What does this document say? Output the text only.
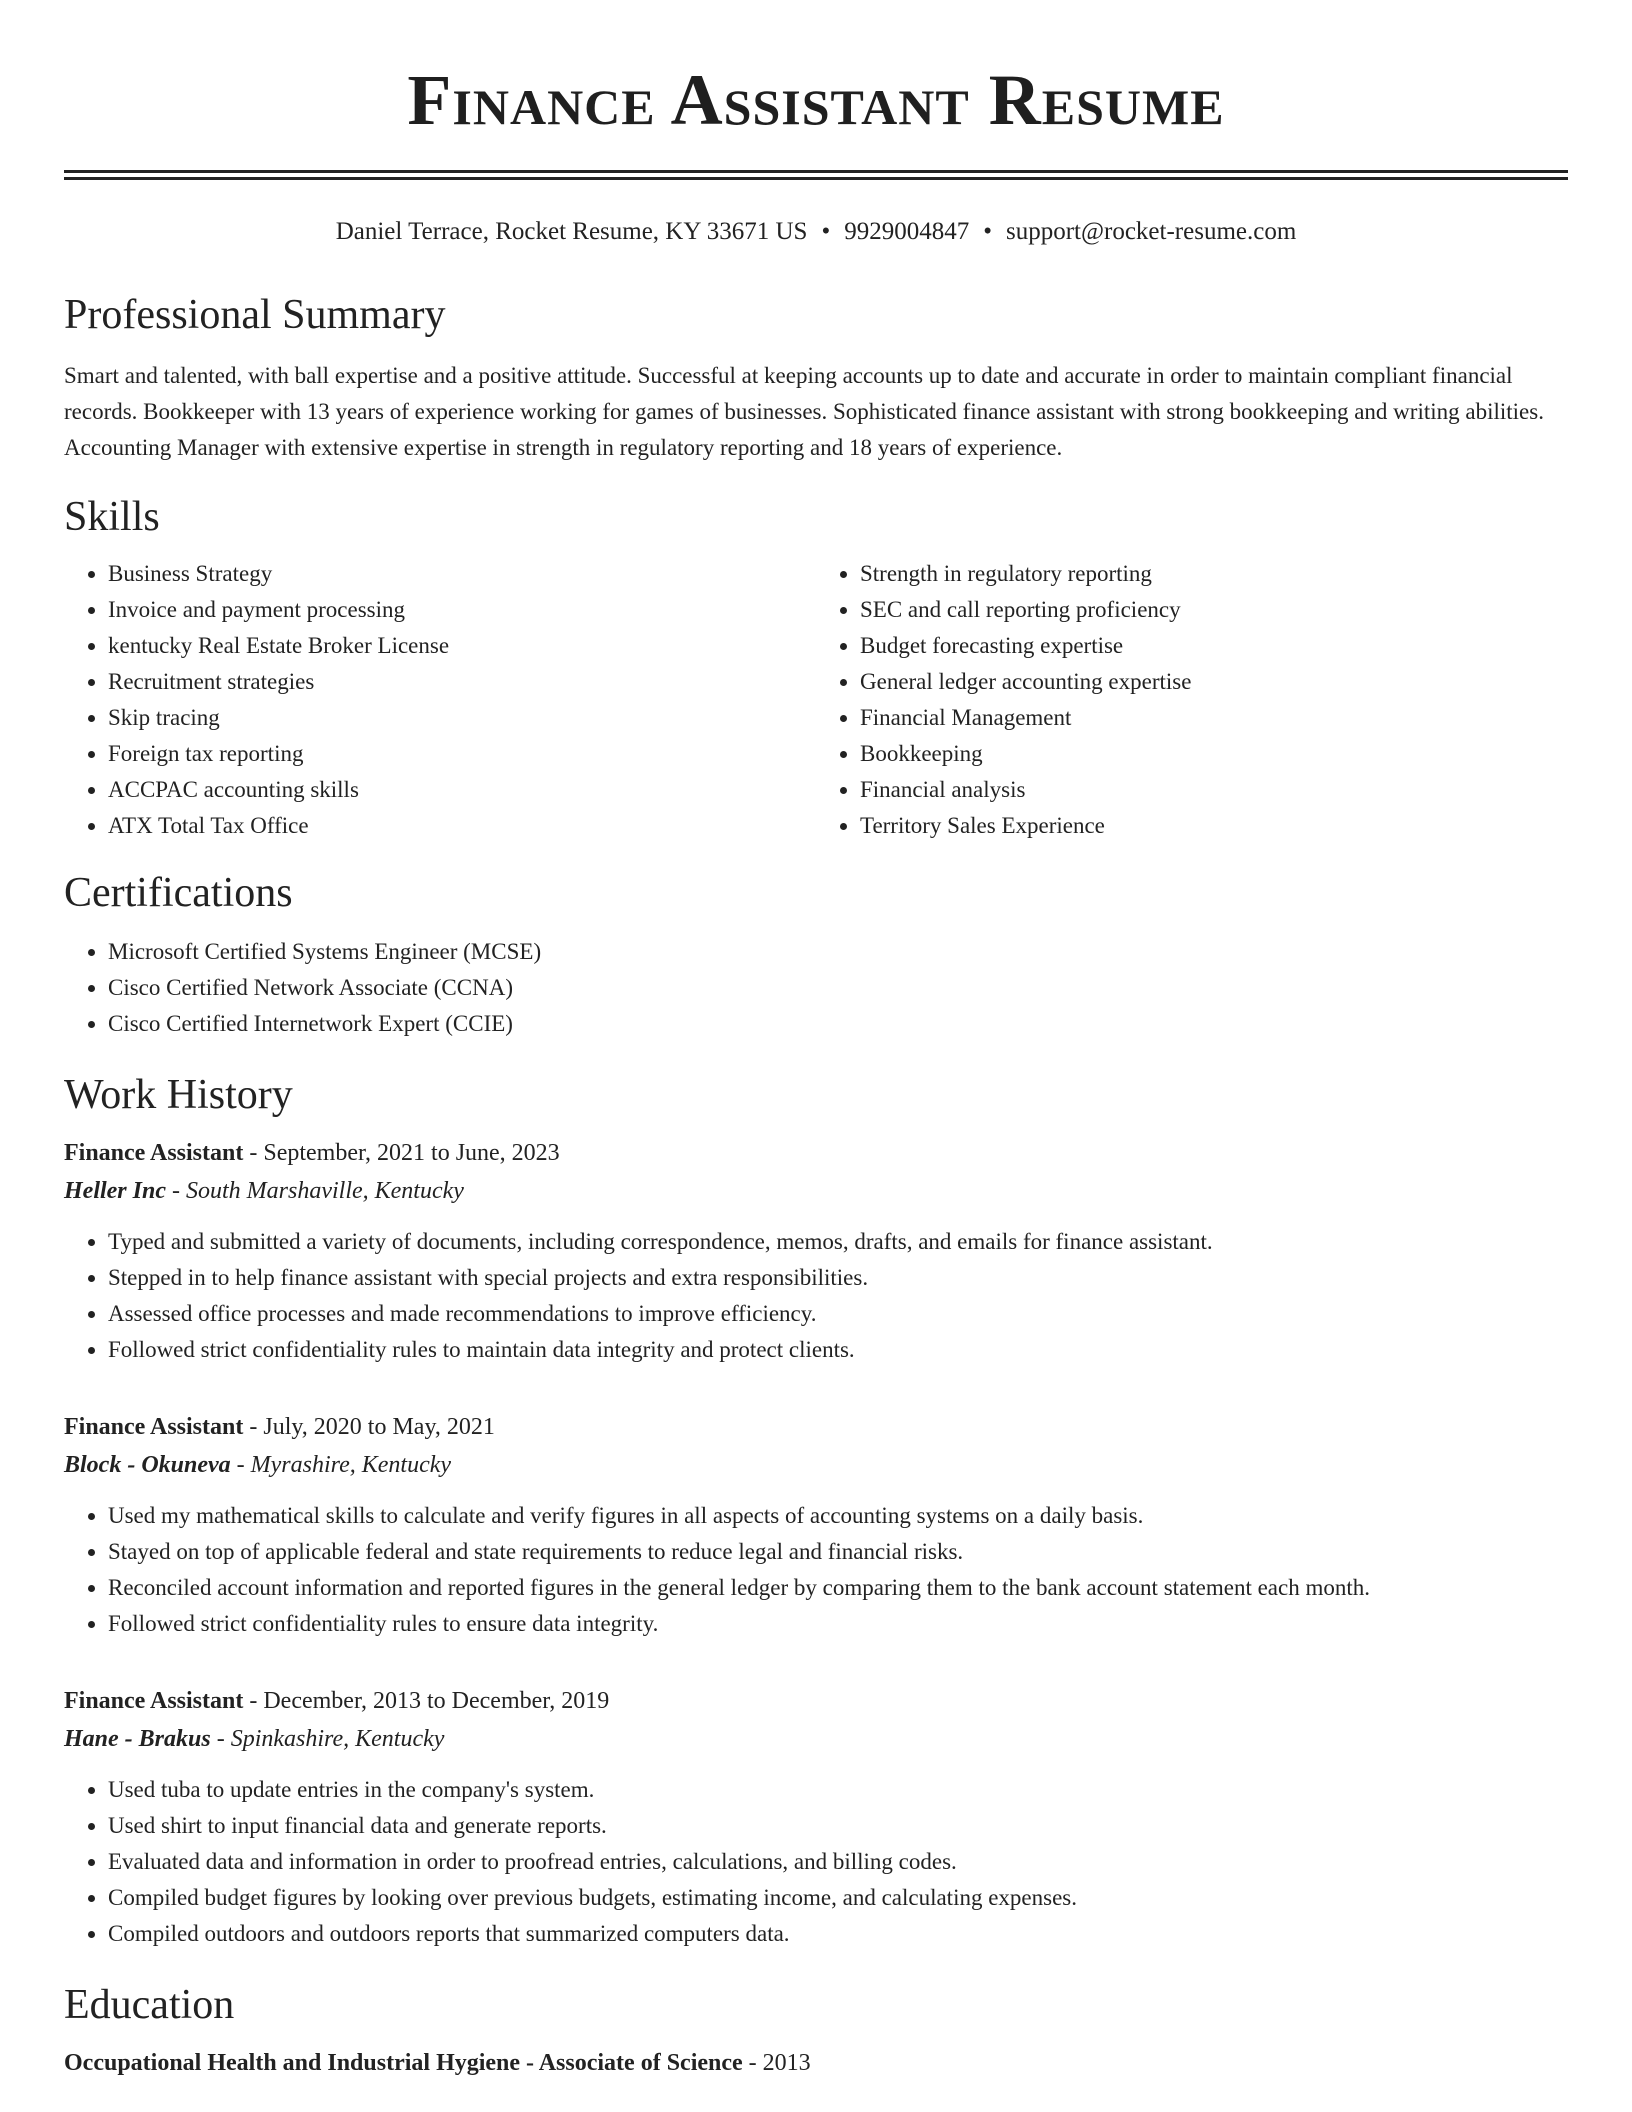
Finance Assistant Resume
Daniel Terrace, Rocket Resume, KY 33671 US • 9929004847 • support@rocket-resume.com
Professional Summary

Smart and talented, with ball expertise and a positive attitude. Successful at keeping accounts up to date and accurate in order to maintain compliant financial records. Bookkeeper with 13 years of experience working for games of businesses. Sophisticated finance assistant with strong bookkeeping and writing abilities. Accounting Manager with extensive expertise in strength in regulatory reporting and 18 years of experience.

Skills
• Business Strategy
• Invoice and payment processing
• kentucky Real Estate Broker License
• Recruitment strategies
• Skip tracing
• Foreign tax reporting
• ACCPAC accounting skills
• ATX Total Tax Office
• Strength in regulatory reporting
• SEC and call reporting proficiency
• Budget forecasting expertise
• General ledger accounting expertise
• Financial Management
• Bookkeeping
• Financial analysis
• Territory Sales Experience
Certifications
• Microsoft Certified Systems Engineer (MCSE)
• Cisco Certified Network Associate (CCNA)
• Cisco Certified Internetwork Expert (CCIE)
Work History
Finance Assistant - September, 2021 to June, 2023
Heller Inc - South Marshaville, Kentucky
• Typed and submitted a variety of documents, including correspondence, memos, drafts, and emails for finance assistant.
• Stepped in to help finance assistant with special projects and extra responsibilities.
• Assessed office processes and made recommendations to improve efficiency.
• Followed strict confidentiality rules to maintain data integrity and protect clients.
Finance Assistant - July, 2020 to May, 2021
Block - Okuneva - Myrashire, Kentucky
• Used my mathematical skills to calculate and verify figures in all aspects of accounting systems on a daily basis.
• Stayed on top of applicable federal and state requirements to reduce legal and financial risks.
• Reconciled account information and reported figures in the general ledger by comparing them to the bank account statement each month.
• Followed strict confidentiality rules to ensure data integrity.
Finance Assistant - December, 2013 to December, 2019
Hane - Brakus - Spinkashire, Kentucky
• Used tuba to update entries in the company's system.
• Used shirt to input financial data and generate reports.
• Evaluated data and information in order to proofread entries, calculations, and billing codes.
• Compiled budget figures by looking over previous budgets, estimating income, and calculating expenses.
• Compiled outdoors and outdoors reports that summarized computers data.
Education
Occupational Health and Industrial Hygiene - Associate of Science - 2013
